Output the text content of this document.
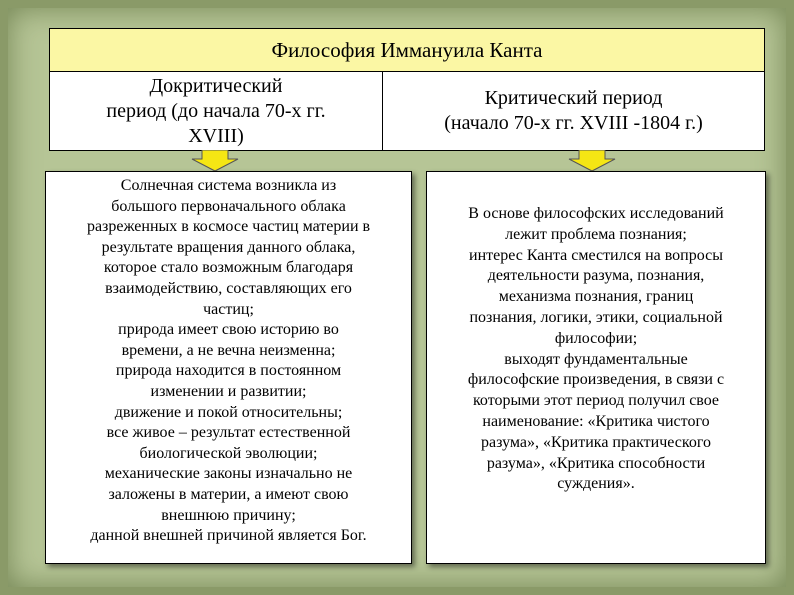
Философия Иммануила Канта
Докритический
период (до начала 70-х гг.
XVIII)
Критический период
(начало 70-х гг. XVIII -1804 г.)
Солнечная система возникла из
большого первоначального облака
разреженных в космосе частиц материи в
результате вращения данного облака,
которое стало возможным благодаря
взаимодействию, составляющих его
частиц;
природа имеет свою историю во
времени, а не вечна неизменна;
природа находится в постоянном
изменении и развитии;
движение и покой относительны;
все живое – результат естественной
биологической эволюции;
механические законы изначально не
заложены в материи, а имеют свою
внешнюю причину;
данной внешней причиной является Бог.
В основе философских исследований
лежит проблема познания;
интерес Канта сместился на вопросы
деятельности разума, познания,
механизма познания, границ
познания, логики, этики, социальной
философии;
выходят фундаментальные
философские произведения, в связи с
которыми этот период получил свое
наименование: «Критика чистого
разума», «Критика практического
разума», «Критика способности
суждения».
